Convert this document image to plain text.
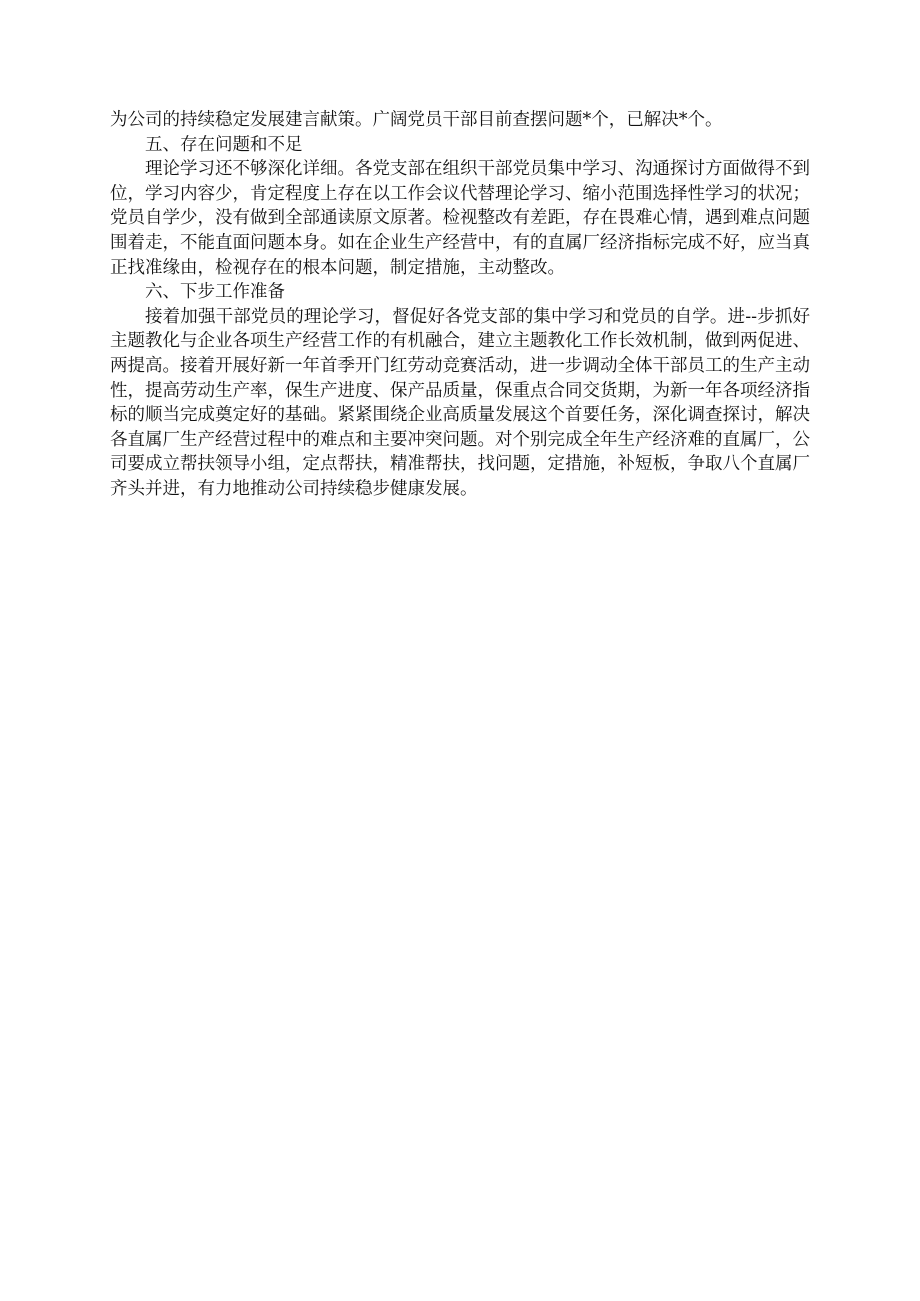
为公司的持续稳定发展建言献策。广阔党员干部目前查摆问题*个，已解决*个。

五、存在问题和不足

理论学习还不够深化详细。各党支部在组织干部党员集中学习、沟通探讨方面做得不到位，学习内容少，肯定程度上存在以工作会议代替理论学习、缩小范围选择性学习的状况；党员自学少，没有做到全部通读原文原著。检视整改有差距，存在畏难心情，遇到难点问题围着走，不能直面问题本身。如在企业生产经营中，有的直属厂经济指标完成不好，应当真正找准缘由，检视存在的根本问题，制定措施，主动整改。

六、下步工作准备

接着加强干部党员的理论学习，督促好各党支部的集中学习和党员的自学。进--步抓好主题教化与企业各项生产经营工作的有机融合，建立主题教化工作长效机制，做到两促进、两提高。接着开展好新一年首季开门红劳动竞赛活动，进一步调动全体干部员工的生产主动性，提高劳动生产率，保生产进度、保产品质量，保重点合同交货期，为新一年各项经济指标的顺当完成奠定好的基础。紧紧围绕企业高质量发展这个首要任务，深化调查探讨，解决各直属厂生产经营过程中的难点和主要冲突问题。对个别完成全年生产经济难的直属厂，公司要成立帮扶领导小组，定点帮扶，精准帮扶，找问题，定措施，补短板，争取八个直属厂齐头并进，有力地推动公司持续稳步健康发展。
